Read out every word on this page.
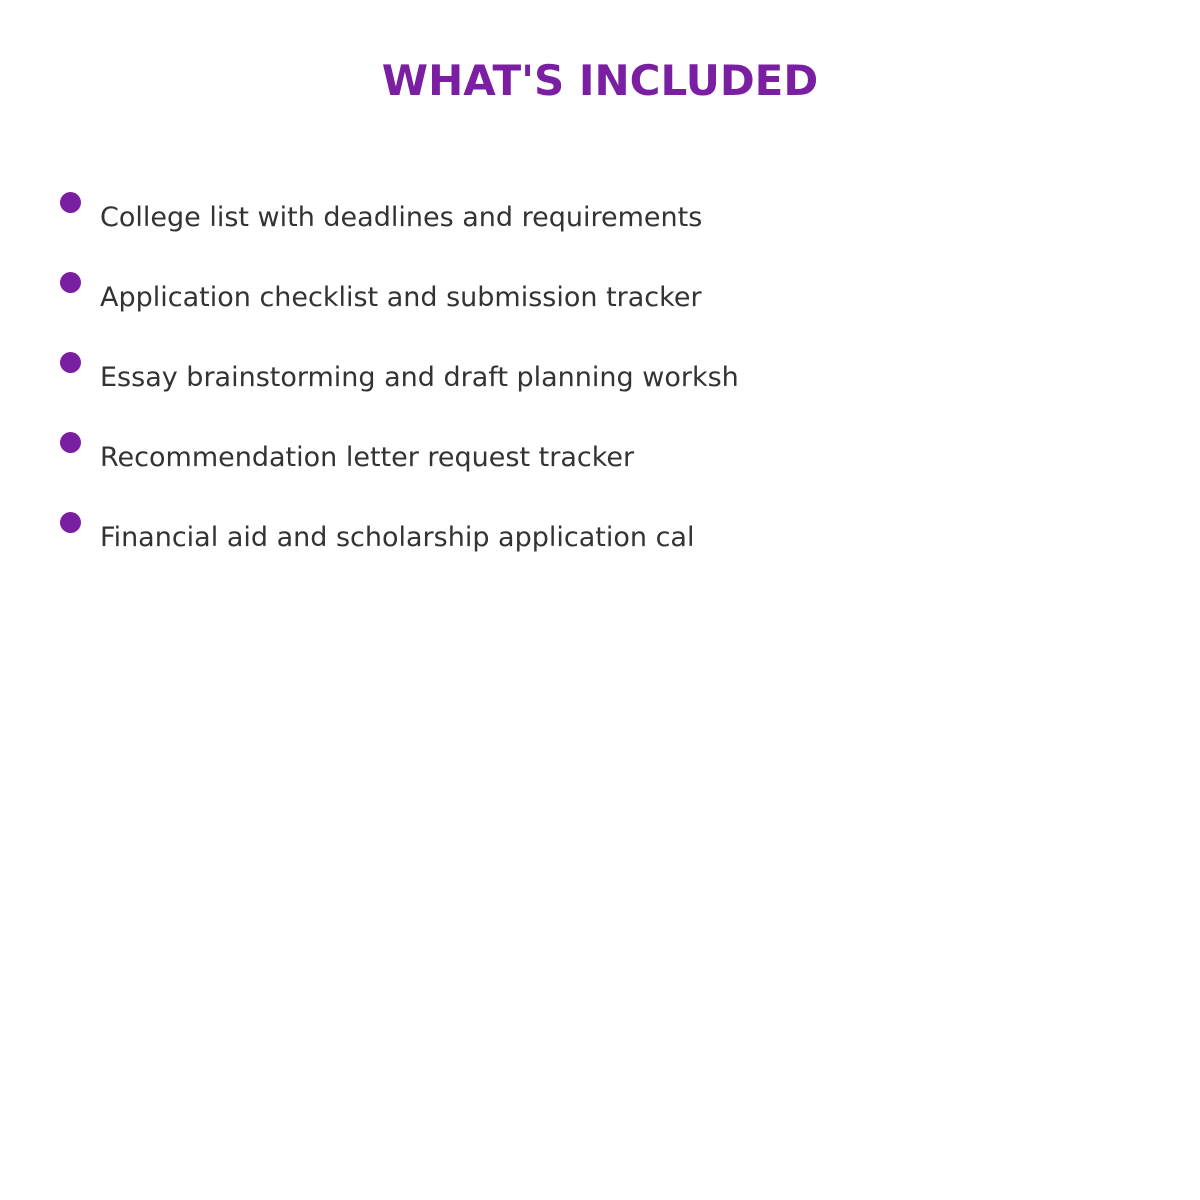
WHAT'S INCLUDED
College list with deadlines and requirements
Application checklist and submission tracker
Essay brainstorming and draft planning worksh
Recommendation letter request tracker
Financial aid and scholarship application cal
